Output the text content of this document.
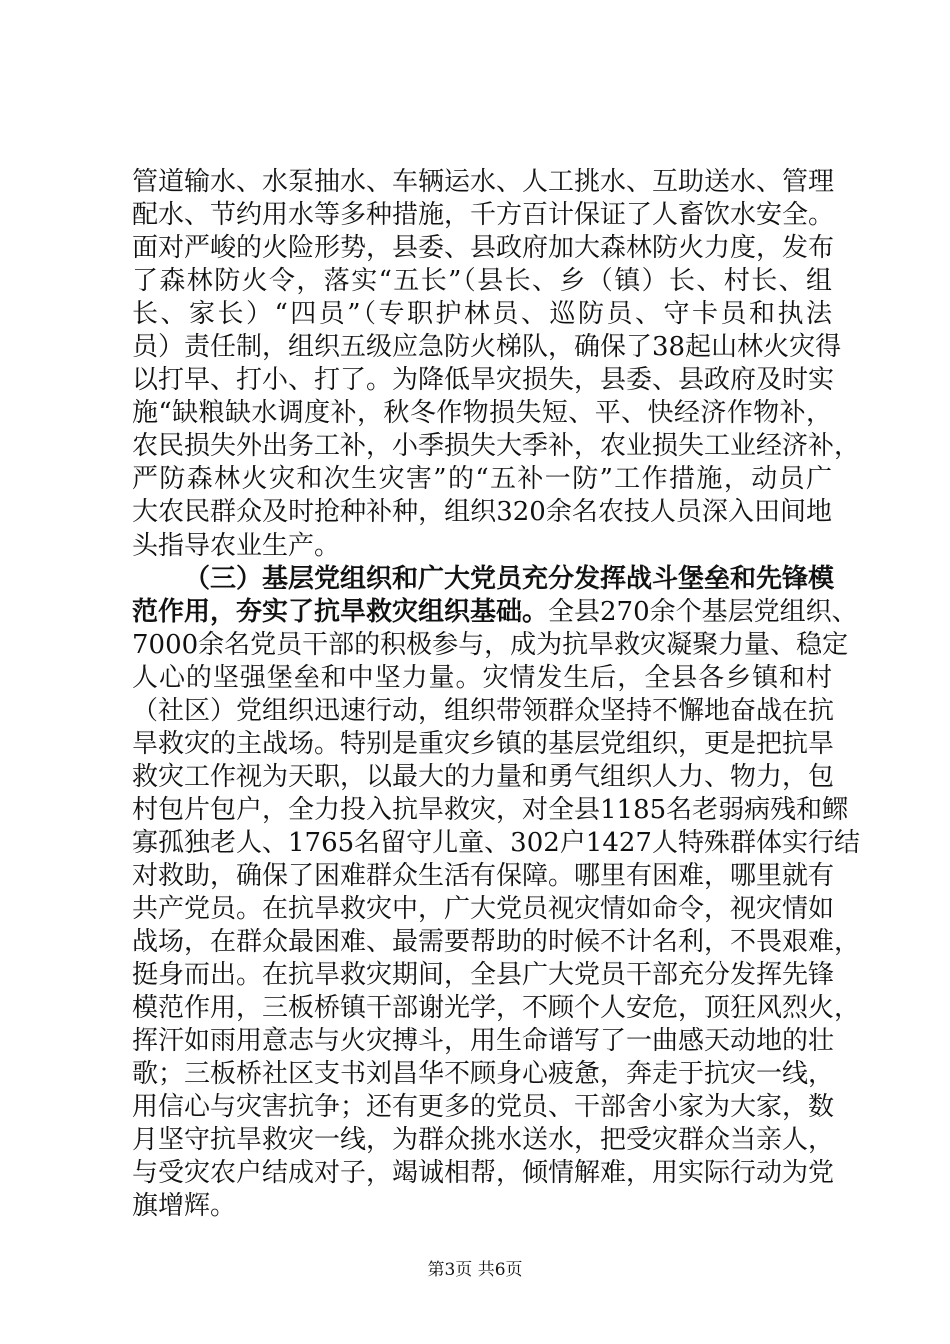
管道输水、水泵抽水、车辆运水、人工挑水、互助送水、管理
配水、节约用水等多种措施，千方百计保证了人畜饮水安全。
面对严峻的火险形势，县委、县政府加大森林防火力度，发布
了森林防火令，落实“五长”（县长、乡（镇）长、村长、组
长、家长）“四员”（专职护林员、巡防员、守卡员和执法
员）责任制，组织五级应急防火梯队，确保了38起山林火灾得
以打早、打小、打了。为降低旱灾损失，县委、县政府及时实
施“缺粮缺水调度补，秋冬作物损失短、平、快经济作物补，
农民损失外出务工补，小季损失大季补，农业损失工业经济补，
严防森林火灾和次生灾害”的“五补一防”工作措施，动员广
大农民群众及时抢种补种，组织320余名农技人员深入田间地
头指导农业生产。
（三）基层党组织和广大党员充分发挥战斗堡垒和先锋模
范作用，夯实了抗旱救灾组织基础。全县270余个基层党组织、
7000余名党员干部的积极参与，成为抗旱救灾凝聚力量、稳定
人心的坚强堡垒和中坚力量。灾情发生后，全县各乡镇和村
（社区）党组织迅速行动，组织带领群众坚持不懈地奋战在抗
旱救灾的主战场。特别是重灾乡镇的基层党组织，更是把抗旱
救灾工作视为天职，以最大的力量和勇气组织人力、物力，包
村包片包户，全力投入抗旱救灾，对全县1185名老弱病残和鳏
寡孤独老人、1765名留守儿童、302户1427人特殊群体实行结
对救助，确保了困难群众生活有保障。哪里有困难，哪里就有
共产党员。在抗旱救灾中，广大党员视灾情如命令，视灾情如
战场，在群众最困难、最需要帮助的时候不计名利，不畏艰难，
挺身而出。在抗旱救灾期间，全县广大党员干部充分发挥先锋
模范作用，三板桥镇干部谢光学，不顾个人安危，顶狂风烈火，
挥汗如雨用意志与火灾搏斗，用生命谱写了一曲感天动地的壮
歌；三板桥社区支书刘昌华不顾身心疲惫，奔走于抗灾一线，
用信心与灾害抗争；还有更多的党员、干部舍小家为大家，数
月坚守抗旱救灾一线，为群众挑水送水，把受灾群众当亲人，
与受灾农户结成对子，竭诚相帮，倾情解难，用实际行动为党
旗增辉。
第3页 共6页
